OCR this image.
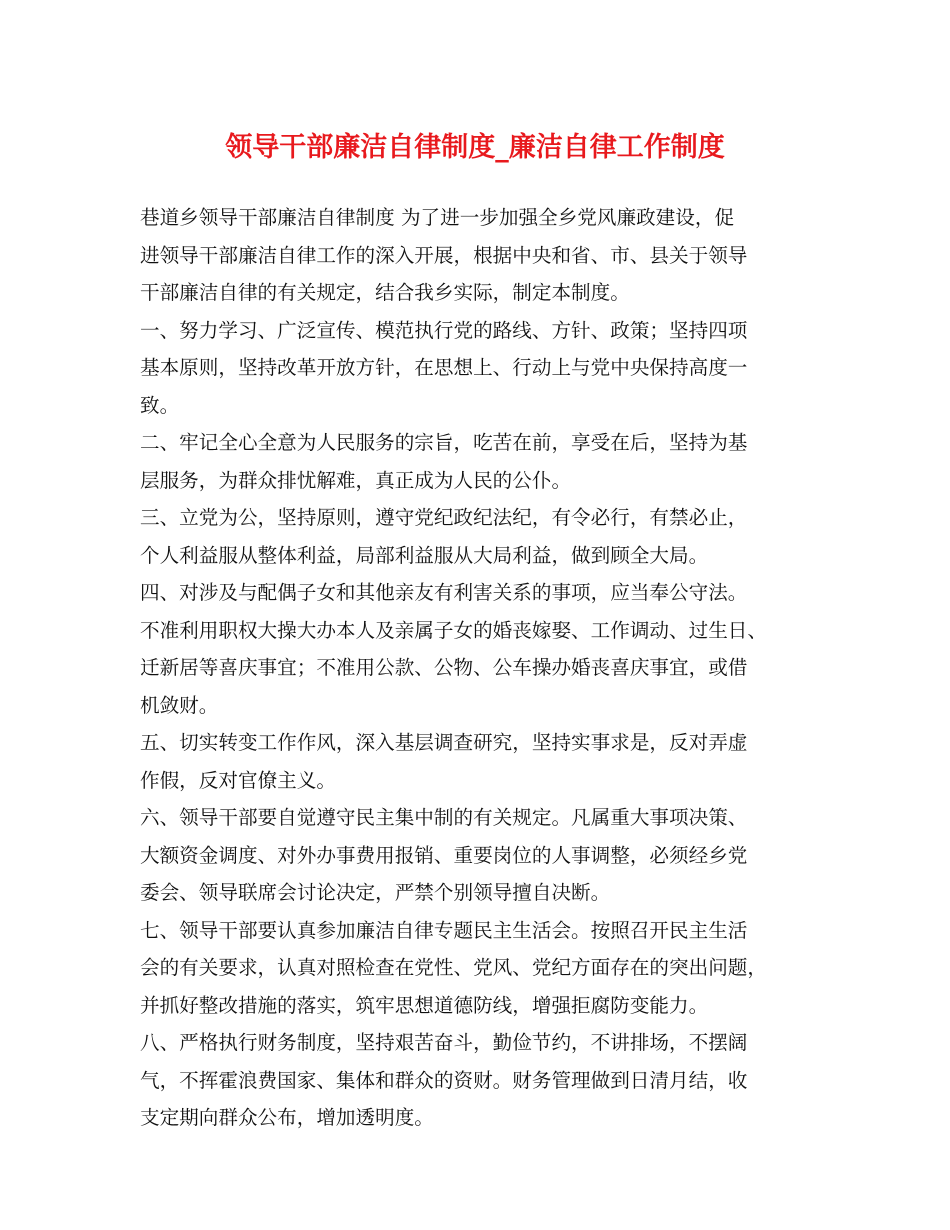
领导干部廉洁自律制度_廉洁自律工作制度
巷道乡领导干部廉洁自律制度 为了进一步加强全乡党风廉政建设，促
进领导干部廉洁自律工作的深入开展，根据中央和省、市、县关于领导
干部廉洁自律的有关规定，结合我乡实际，制定本制度。
一、努力学习、广泛宣传、模范执行党的路线、方针、政策；坚持四项
基本原则，坚持改革开放方针，在思想上、行动上与党中央保持高度一
致。
二、牢记全心全意为人民服务的宗旨，吃苦在前，享受在后，坚持为基
层服务，为群众排忧解难，真正成为人民的公仆。
三、立党为公，坚持原则，遵守党纪政纪法纪，有令必行，有禁必止，
个人利益服从整体利益，局部利益服从大局利益，做到顾全大局。
四、对涉及与配偶子女和其他亲友有利害关系的事项，应当奉公守法。
不准利用职权大操大办本人及亲属子女的婚丧嫁娶、工作调动、过生日、
迁新居等喜庆事宜；不准用公款、公物、公车操办婚丧喜庆事宜，或借
机敛财。
五、切实转变工作作风，深入基层调查研究，坚持实事求是，反对弄虚
作假，反对官僚主义。
六、领导干部要自觉遵守民主集中制的有关规定。凡属重大事项决策、
大额资金调度、对外办事费用报销、重要岗位的人事调整，必须经乡党
委会、领导联席会讨论决定，严禁个别领导擅自决断。
七、领导干部要认真参加廉洁自律专题民主生活会。按照召开民主生活
会的有关要求，认真对照检查在党性、党风、党纪方面存在的突出问题，
并抓好整改措施的落实，筑牢思想道德防线，增强拒腐防变能力。
八、严格执行财务制度，坚持艰苦奋斗，勤俭节约，不讲排场，不摆阔
气，不挥霍浪费国家、集体和群众的资财。财务管理做到日清月结，收
支定期向群众公布，增加透明度。
